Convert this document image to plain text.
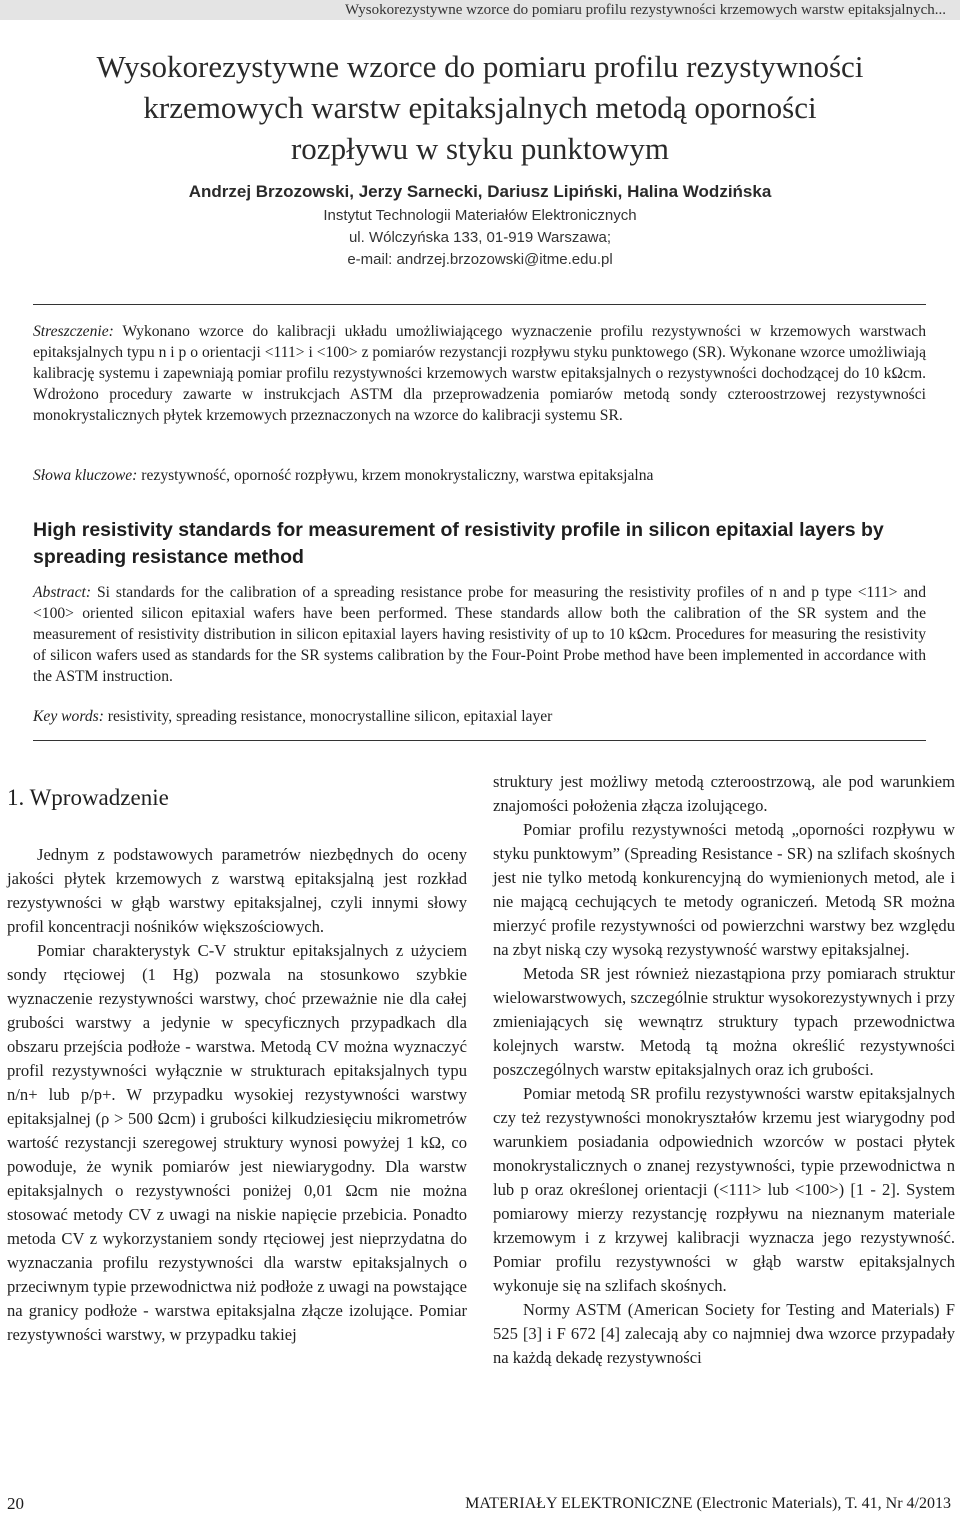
Wysokorezystywne wzorce do pomiaru profilu rezystywności krzemowych warstw epitaksjalnych...
Wysokorezystywne wzorce do pomiaru profilu rezystywności
krzemowych warstw epitaksjalnych metodą oporności
rozpływu w styku punktowym
Andrzej Brzozowski, Jerzy Sarnecki, Dariusz Lipiński, Halina Wodzińska
Instytut Technologii Materiałów Elektronicznych
ul. Wólczyńska 133, 01-919 Warszawa;
e-mail: andrzej.brzozowski@itme.edu.pl

Streszczenie: Wykonano wzorce do kalibracji układu umożliwiającego wyznaczenie profilu rezystywności w krzemowych warstwach epitaksjalnych typu n i p o orientacji <111> i <100> z pomiarów rezystancji rozpływu styku punktowego (SR). Wykonane wzorce umożliwiają kalibrację systemu i zapewniają pomiar profilu rezystywności krzemowych warstw epitaksjalnych o rezystywności dochodzącej do 10 kΩcm. Wdrożono procedury zawarte w instrukcjach ASTM dla przeprowadzenia pomiarów metodą sondy czteroostrzowej rezystywności monokrystalicznych płytek krzemowych przeznaczonych na wzorce do kalibracji systemu SR.

Słowa kluczowe: rezystywność, oporność rozpływu, krzem monokrystaliczny, warstwa epitaksjalna

High resistivity standards for measurement of resistivity profile in silicon epitaxial layers by spreading resistance method

Abstract: Si standards for the calibration of a spreading resistance probe for measuring the resistivity profiles of n and p type <111> and <100> oriented silicon epitaxial wafers have been performed. These standards allow both the calibration of the SR system and the measurement of resistivity distribution in silicon epitaxial layers having resistivity of up to 10 kΩcm. Procedures for measuring the resistivity of silicon wafers used as standards for the SR systems calibration by the Four-Point Probe method have been implemented in accordance with the ASTM instruction.

Key words: resistivity, spreading resistance, monocrystalline silicon, epitaxial layer

1. Wprowadzenie

Jednym z podstawowych parametrów niezbędnych do oceny jakości płytek krzemowych z warstwą epitaksjalną jest rozkład rezystywności w głąb warstwy epitaksjalnej, czyli innymi słowy profil koncentracji nośników większościowych.

Pomiar charakterystyk C-V struktur epitaksjalnych z użyciem sondy rtęciowej (1 Hg) pozwala na stosunkowo szybkie wyznaczenie rezystywności warstwy, choć przeważnie nie dla całej grubości warstwy a jedynie w specyficznych przypadkach dla obszaru przejścia podłoże - warstwa. Metodą CV można wyznaczyć profil rezystywności wyłącznie w strukturach epitaksjalnych typu n/n+ lub p/p+. W przypadku wysokiej rezystywności warstwy epitaksjalnej (ρ > 500 Ωcm) i grubości kilkudziesięciu mikrometrów wartość rezystancji szeregowej struktury wynosi powyżej 1 kΩ, co powoduje, że wynik pomiarów jest niewiarygodny. Dla warstw epitaksjalnych o rezystywności poniżej 0,01 Ωcm nie można stosować metody CV z uwagi na niskie napięcie przebicia. Ponadto metoda CV z wykorzystaniem sondy rtęciowej jest nieprzydatna do wyznaczania profilu rezystywności dla warstw epitaksjalnych o przeciwnym typie przewodnictwa niż podłoże z uwagi na powstające na granicy podłoże - warstwa epitaksjalna złącze izolujące. Pomiar rezystywności warstwy, w przypadku takiej

struktury jest możliwy metodą czteroostrzową, ale pod warunkiem znajomości położenia złącza izolującego.

Pomiar profilu rezystywności metodą „oporności rozpływu w styku punktowym” (Spreading Resistance - SR) na szlifach skośnych jest nie tylko metodą konkurencyjną do wymienionych metod, ale i nie mającą cechujących te metody ograniczeń. Metodą SR można mierzyć profile rezystywności od powierzchni warstwy bez względu na zbyt niską czy wysoką rezystywność warstwy epitaksjalnej.

Metoda SR jest również niezastąpiona przy pomiarach struktur wielowarstwowych, szczególnie struktur wysokorezystywnych i przy zmieniających się wewnątrz struktury typach przewodnictwa kolejnych warstw. Metodą tą można określić rezystywności poszczególnych warstw epitaksjalnych oraz ich grubości.

Pomiar metodą SR profilu rezystywności warstw epitaksjalnych czy też rezystywności monokryształów krzemu jest wiarygodny pod warunkiem posiadania odpowiednich wzorców w postaci płytek monokrystalicznych o znanej rezystywności, typie przewodnictwa n lub p oraz określonej orientacji (<111> lub <100>) [1 - 2]. System pomiarowy mierzy rezystancję rozpływu na nieznanym materiale krzemowym i z krzywej kalibracji wyznacza jego rezystywność. Pomiar profilu rezystywności w głąb warstw epitaksjalnych wykonuje się na szlifach skośnych.

Normy ASTM (American Society for Testing and Materials) F 525 [3] i F 672 [4] zalecają aby co najmniej dwa wzorce przypadały na każdą dekadę rezystywności

20	MATERIAŁY ELEKTRONICZNE (Electronic Materials), T. 41, Nr 4/2013
